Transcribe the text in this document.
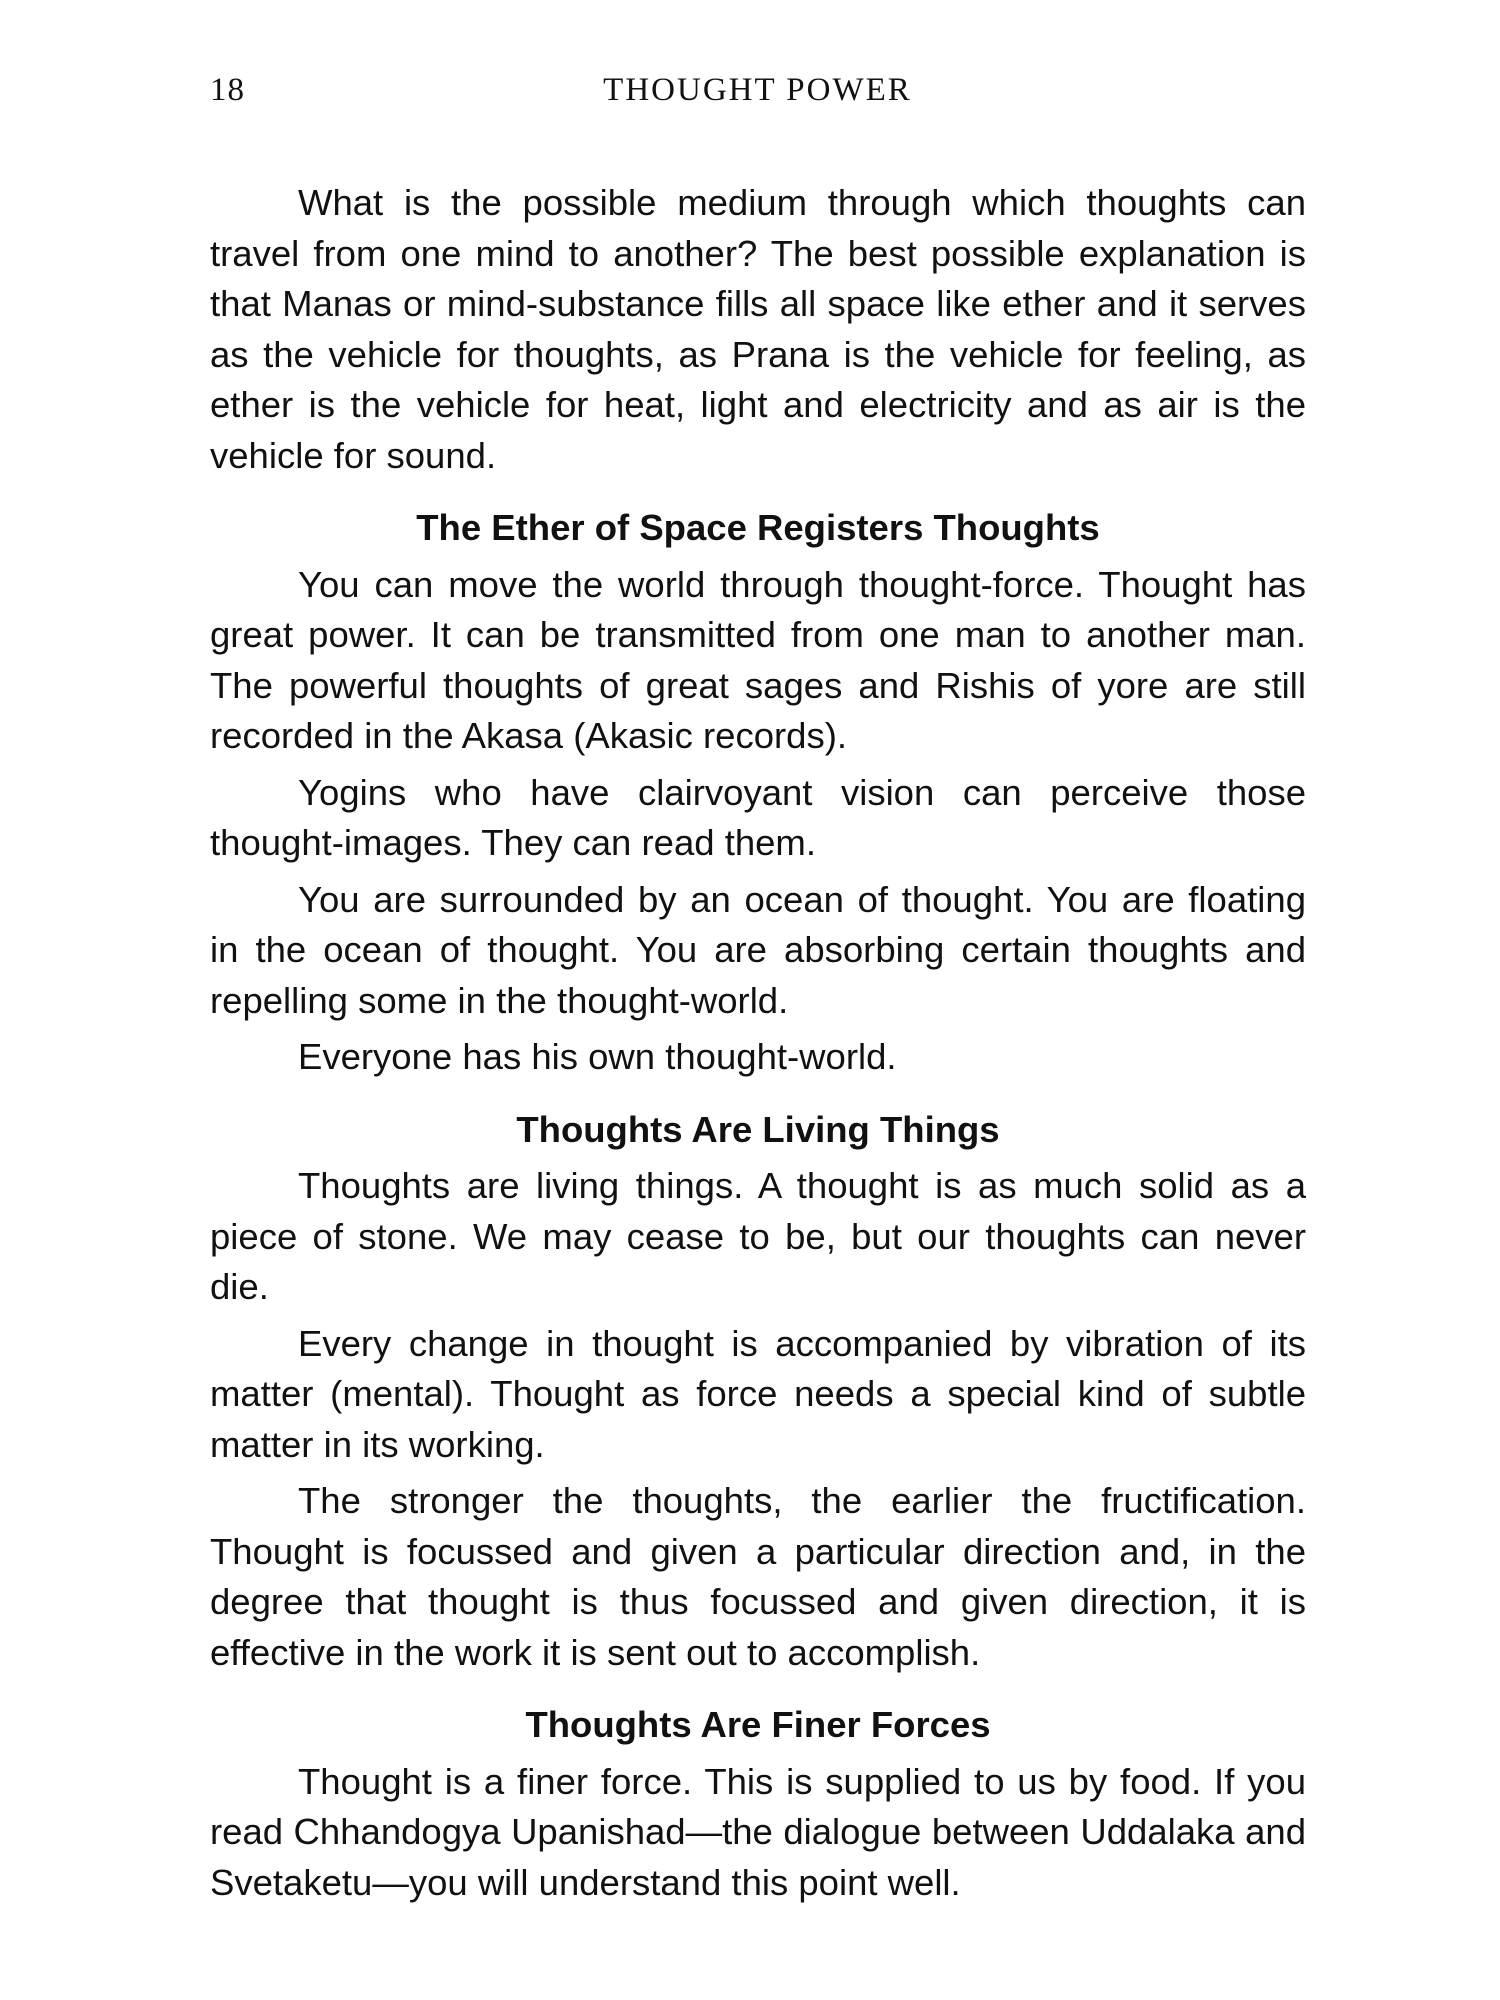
18	THOUGHT POWER

What is the possible medium through which thoughts can travel from one mind to another? The best possible explanation is that Manas or mind-substance fills all space like ether and it serves as the vehicle for thoughts, as Prana is the vehicle for feeling, as ether is the vehicle for heat, light and electricity and as air is the vehicle for sound.

The Ether of Space Registers Thoughts

You can move the world through thought-force. Thought has great power. It can be transmitted from one man to another man. The powerful thoughts of great sages and Rishis of yore are still recorded in the Akasa (Akasic records).

Yogins who have clairvoyant vision can perceive those thought-images. They can read them.

You are surrounded by an ocean of thought. You are floating in the ocean of thought. You are absorbing certain thoughts and repelling some in the thought-world.

Everyone has his own thought-world.

Thoughts Are Living Things

Thoughts are living things. A thought is as much solid as a piece of stone. We may cease to be, but our thoughts can never die.

Every change in thought is accompanied by vibration of its matter (mental). Thought as force needs a special kind of subtle matter in its working.

The stronger the thoughts, the earlier the fructification. Thought is focussed and given a particular direction and, in the degree that thought is thus focussed and given direction, it is effective in the work it is sent out to accomplish.

Thoughts Are Finer Forces

Thought is a finer force. This is supplied to us by food. If you read Chhandogya Upanishad—the dialogue between Uddalaka and Svetaketu—you will understand this point well.
